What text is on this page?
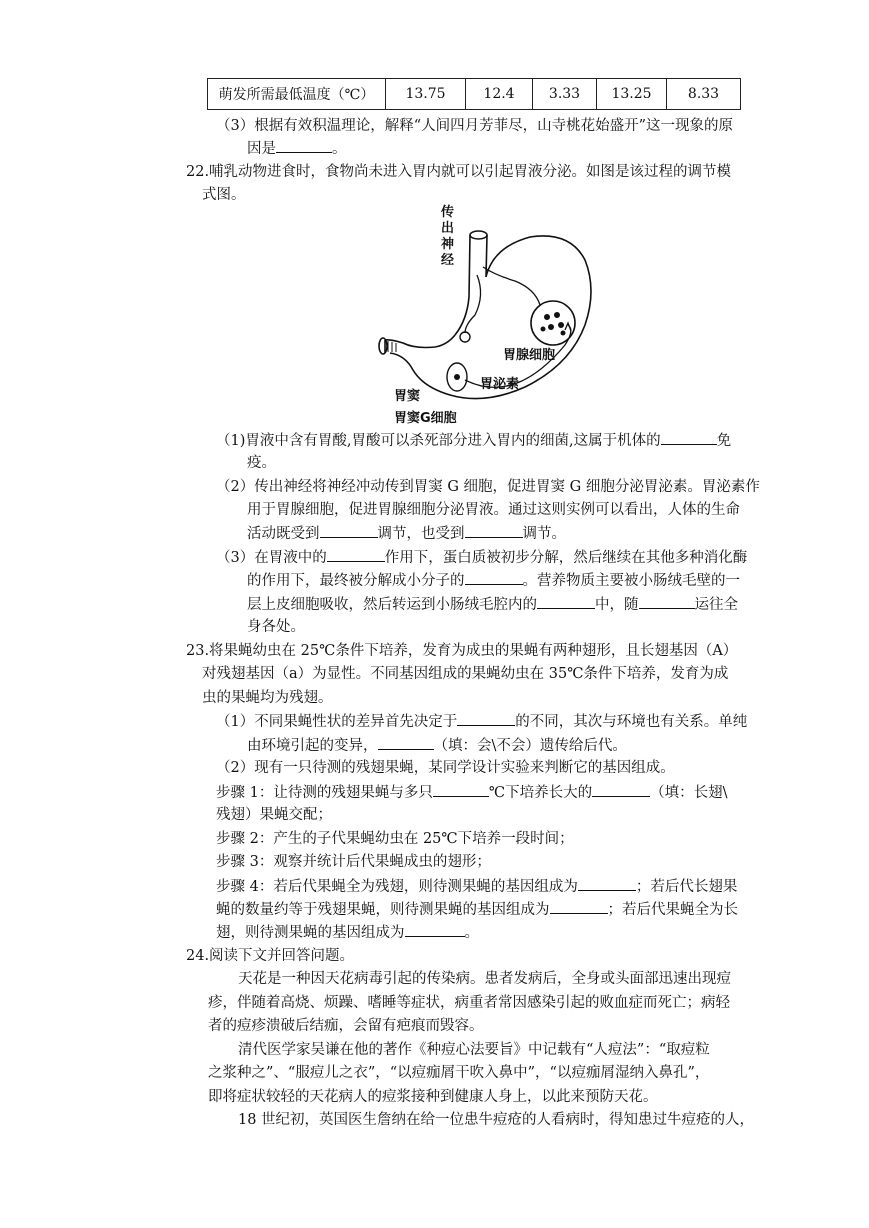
萌发所需最低温度（℃）	13.75	12.4	3.33	13.25	8.33
（3）根据有效积温理论，解释“人间四月芳菲尽，山寺桃花始盛开”这一现象的原
因是	。
22.哺乳动物进食时，食物尚未进入胃内就可以引起胃液分泌。如图是该过程的调节模
式图。
传
出
神
经
胃腺细胞
胃泌素
胃窦
胃窦G细胞
（1)胃液中含有胃酸,胃酸可以杀死部分进入胃内的细菌,这属于机体的	免
疫。
（2）传出神经将神经冲动传到胃窦 G 细胞，促进胃窦 G 细胞分泌胃泌素。胃泌素作
用于胃腺细胞，促进胃腺细胞分泌胃液。通过这则实例可以看出，人体的生命
活动既受到	调节，也受到	调节。
（3）在胃液中的	作用下，蛋白质被初步分解，然后继续在其他多种消化酶
的作用下，最终被分解成小分子的	。营养物质主要被小肠绒毛壁的一
层上皮细胞吸收，然后转运到小肠绒毛腔内的	中，随	运往全
身各处。
23.将果蝇幼虫在 25℃条件下培养，发育为成虫的果蝇有两种翅形，且长翅基因（A）
对残翅基因（a）为显性。不同基因组成的果蝇幼虫在 35℃条件下培养，发育为成
虫的果蝇均为残翅。
（1）不同果蝇性状的差异首先决定于	的不同，其次与环境也有关系。单纯
由环境引起的变异，	（填：会\不会）遗传给后代。
（2）现有一只待测的残翅果蝇，某同学设计实验来判断它的基因组成。
步骤 1：让待测的残翅果蝇与多只	℃下培养长大的	（填：长翅\
残翅）果蝇交配；
步骤 2：产生的子代果蝇幼虫在 25℃下培养一段时间；
步骤 3：观察并统计后代果蝇成虫的翅形；
步骤 4：若后代果蝇全为残翅，则待测果蝇的基因组成为	；若后代长翅果
蝇的数量约等于残翅果蝇，则待测果蝇的基因组成为	；若后代果蝇全为长
翅，则待测果蝇的基因组成为	。
24.阅读下文并回答问题。
天花是一种因天花病毒引起的传染病。患者发病后，全身或头面部迅速出现痘
疹，伴随着高烧、烦躁、嗜睡等症状，病重者常因感染引起的败血症而死亡；病轻
者的痘疹溃破后结痂，会留有疤痕而毁容。
清代医学家吴谦在他的著作《种痘心法要旨》中记载有“人痘法”：“取痘粒
之浆种之”、“服痘儿之衣”，“以痘痂屑干吹入鼻中”，“以痘痂屑湿纳入鼻孔”，
即将症状较轻的天花病人的痘浆接种到健康人身上，以此来预防天花。
18 世纪初，英国医生詹纳在给一位患牛痘疮的人看病时，得知患过牛痘疮的人，
